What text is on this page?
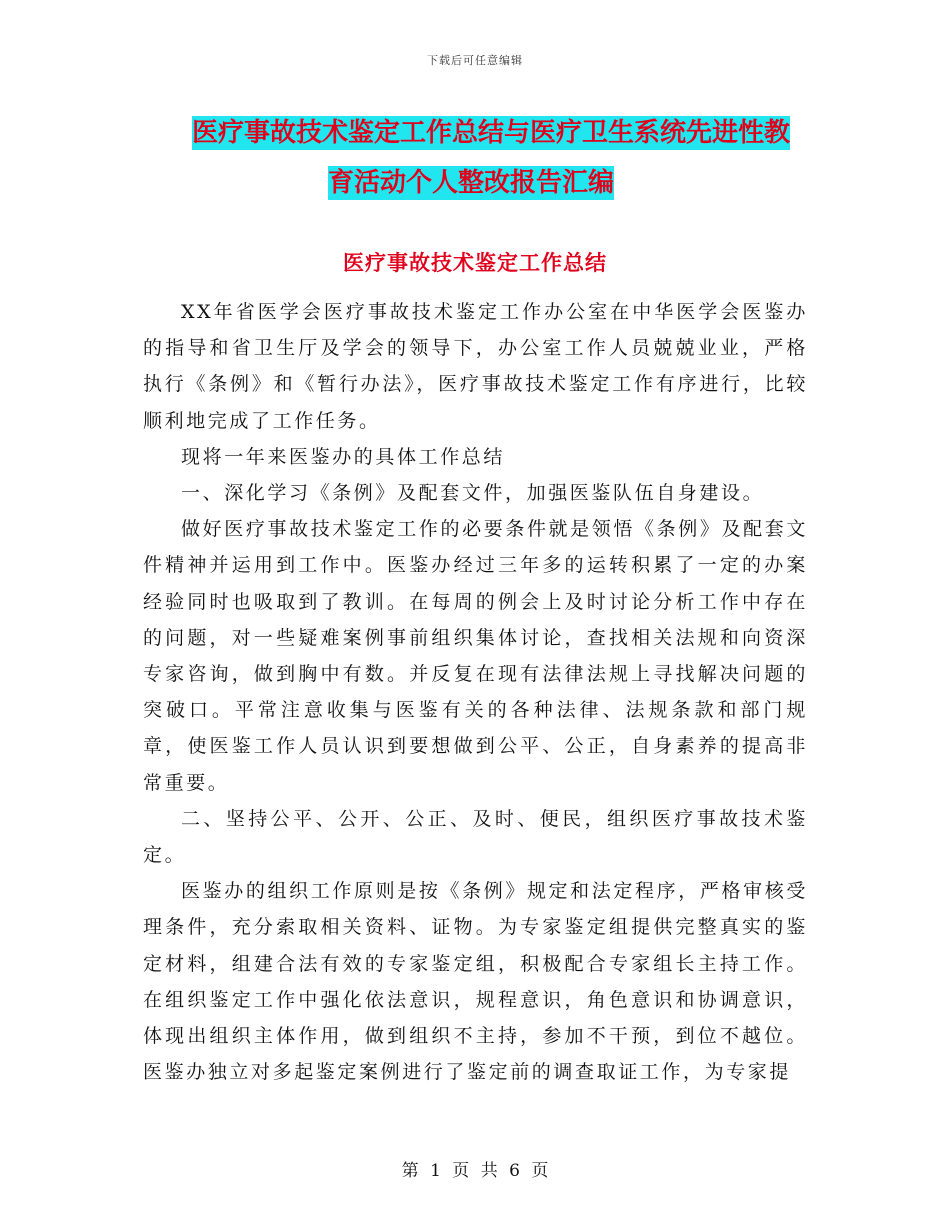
下载后可任意编辑
医疗事故技术鉴定工作总结与医疗卫生系统先进性教
育活动个人整改报告汇编
医疗事故技术鉴定工作总结

XX年省医学会医疗事故技术鉴定工作办公室在中华医学会医鉴办的指导和省卫生厅及学会的领导下，办公室工作人员兢兢业业，严格执行《条例》和《暂行办法》，医疗事故技术鉴定工作有序进行，比较顺利地完成了工作任务。

现将一年来医鉴办的具体工作总结

一、深化学习《条例》及配套文件，加强医鉴队伍自身建设。

做好医疗事故技术鉴定工作的必要条件就是领悟《条例》及配套文件精神并运用到工作中。医鉴办经过三年多的运转积累了一定的办案经验同时也吸取到了教训。在每周的例会上及时讨论分析工作中存在的问题，对一些疑难案例事前组织集体讨论，查找相关法规和向资深专家咨询，做到胸中有数。并反复在现有法律法规上寻找解决问题的突破口。平常注意收集与医鉴有关的各种法律、法规条款和部门规章，使医鉴工作人员认识到要想做到公平、公正，自身素养的提高非常重要。

二、坚持公平、公开、公正、及时、便民，组织医疗事故技术鉴定。

医鉴办的组织工作原则是按《条例》规定和法定程序，严格审核受理条件，充分索取相关资料、证物。为专家鉴定组提供完整真实的鉴定材料，组建合法有效的专家鉴定组，积极配合专家组长主持工作。在组织鉴定工作中强化依法意识，规程意识，角色意识和协调意识，体现出组织主体作用，做到组织不主持，参加不干预，到位不越位。医鉴办独立对多起鉴定案例进行了鉴定前的调查取证工作，为专家提

第 1 页 共 6 页
